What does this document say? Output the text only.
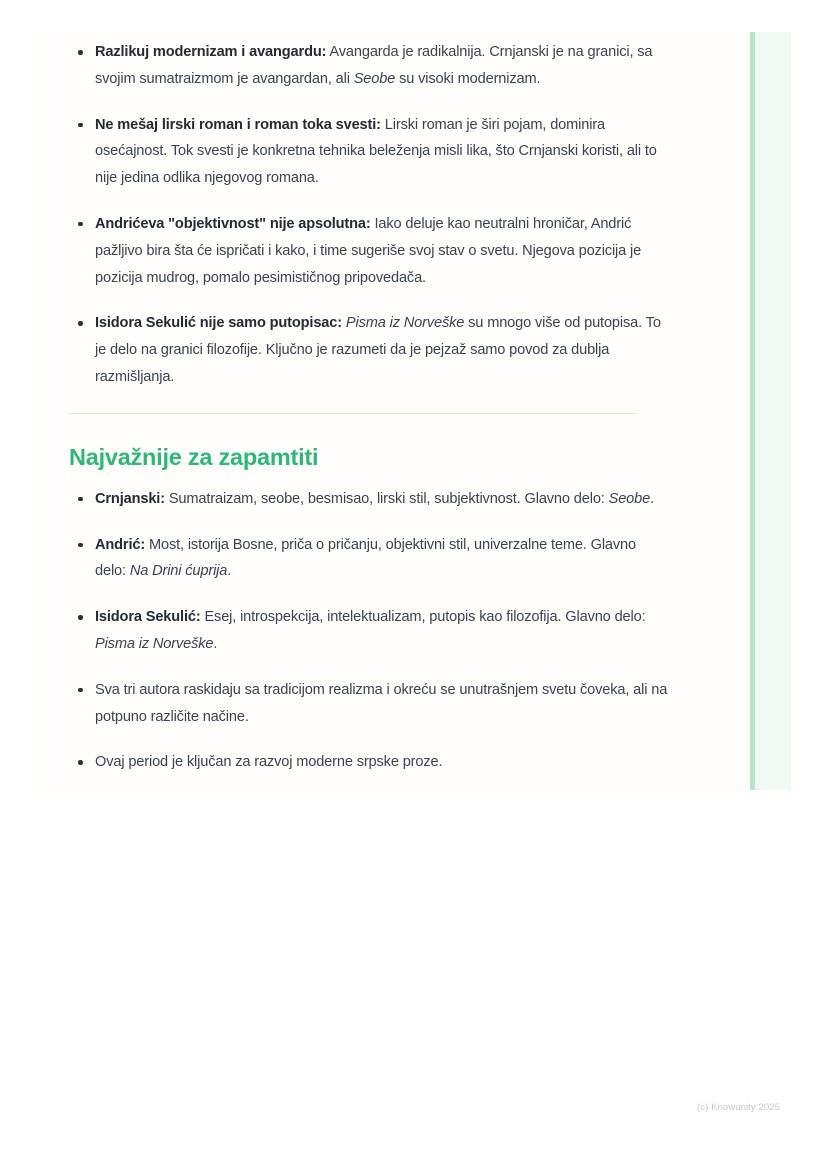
Razlikuj modernizam i avangardu: Avangarda je radikalnija. Crnjanski je na granici, sa svojim sumatraizmom je avangardan, ali Seobe su visoki modernizam.
Ne mešaj lirski roman i roman toka svesti: Lirski roman je širi pojam, dominira osećajnost. Tok svesti je konkretna tehnika beleženja misli lika, što Crnjanski koristi, ali to nije jedina odlika njegovog romana.
Andrićeva "objektivnost" nije apsolutna: Iako deluje kao neutralni hroničar, Andrić pažljivo bira šta će ispričati i kako, i time sugeriše svoj stav o svetu. Njegova pozicija je pozicija mudrog, pomalo pesimističnog pripovedača.
Isidora Sekulić nije samo putopisac: Pisma iz Norveške su mnogo više od putopisa. To je delo na granici filozofije. Ključno je razumeti da je pejzaž samo povod za dublja razmišljanja.
Najvažnije za zapamtiti
Crnjanski: Sumatraizam, seobe, besmisao, lirski stil, subjektivnost. Glavno delo: Seobe.
Andrić: Most, istorija Bosne, priča o pričanju, objektivni stil, univerzalne teme. Glavno delo: Na Drini ćuprija.
Isidora Sekulić: Esej, introspekcija, intelektualizam, putopis kao filozofija. Glavno delo: Pisma iz Norveške.
Sva tri autora raskidaju sa tradicijom realizma i okreću se unutrašnjem svetu čoveka, ali na potpuno različite načine.
Ovaj period je ključan za razvoj moderne srpske proze.
(c) Knowunity 2025
